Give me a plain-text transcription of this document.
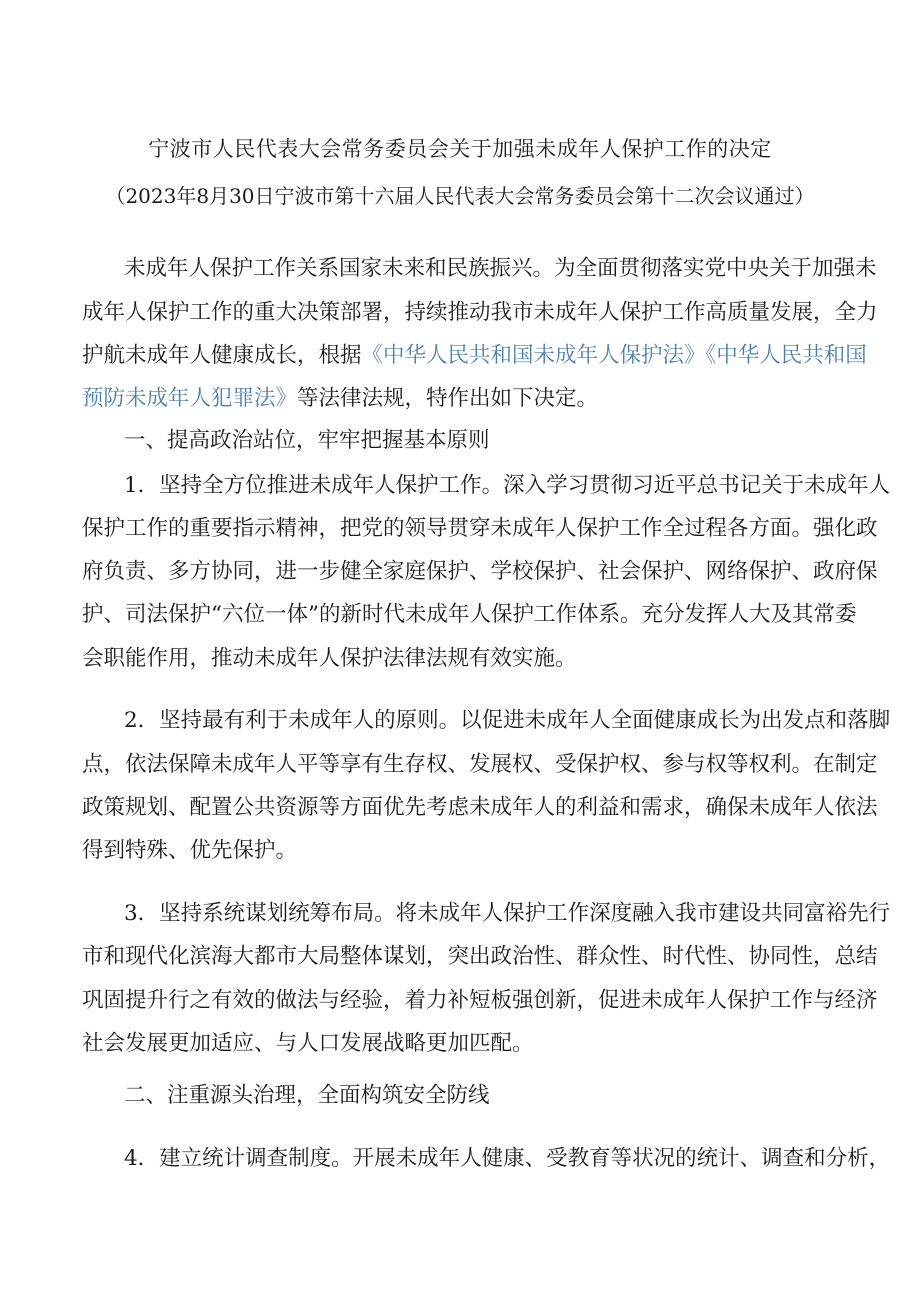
宁波市人民代表大会常务委员会关于加强未成年人保护工作的决定
（2023年8月30日宁波市第十六届人民代表大会常务委员会第十二次会议通过）
未成年人保护工作关系国家未来和民族振兴。为全面贯彻落实党中央关于加强未
成年人保护工作的重大决策部署，持续推动我市未成年人保护工作高质量发展，全力
护航未成年人健康成长，根据《中华人民共和国未成年人保护法》《中华人民共和国
预防未成年人犯罪法》等法律法规，特作出如下决定。
一、提高政治站位，牢牢把握基本原则
1．坚持全方位推进未成年人保护工作。深入学习贯彻习近平总书记关于未成年人
保护工作的重要指示精神，把党的领导贯穿未成年人保护工作全过程各方面。强化政
府负责、多方协同，进一步健全家庭保护、学校保护、社会保护、网络保护、政府保
护、司法保护“六位一体”的新时代未成年人保护工作体系。充分发挥人大及其常委
会职能作用，推动未成年人保护法律法规有效实施。
2．坚持最有利于未成年人的原则。以促进未成年人全面健康成长为出发点和落脚
点，依法保障未成年人平等享有生存权、发展权、受保护权、参与权等权利。在制定
政策规划、配置公共资源等方面优先考虑未成年人的利益和需求，确保未成年人依法
得到特殊、优先保护。
3．坚持系统谋划统筹布局。将未成年人保护工作深度融入我市建设共同富裕先行
市和现代化滨海大都市大局整体谋划，突出政治性、群众性、时代性、协同性，总结
巩固提升行之有效的做法与经验，着力补短板强创新，促进未成年人保护工作与经济
社会发展更加适应、与人口发展战略更加匹配。
二、注重源头治理，全面构筑安全防线
4．建立统计调查制度。开展未成年人健康、受教育等状况的统计、调查和分析，
